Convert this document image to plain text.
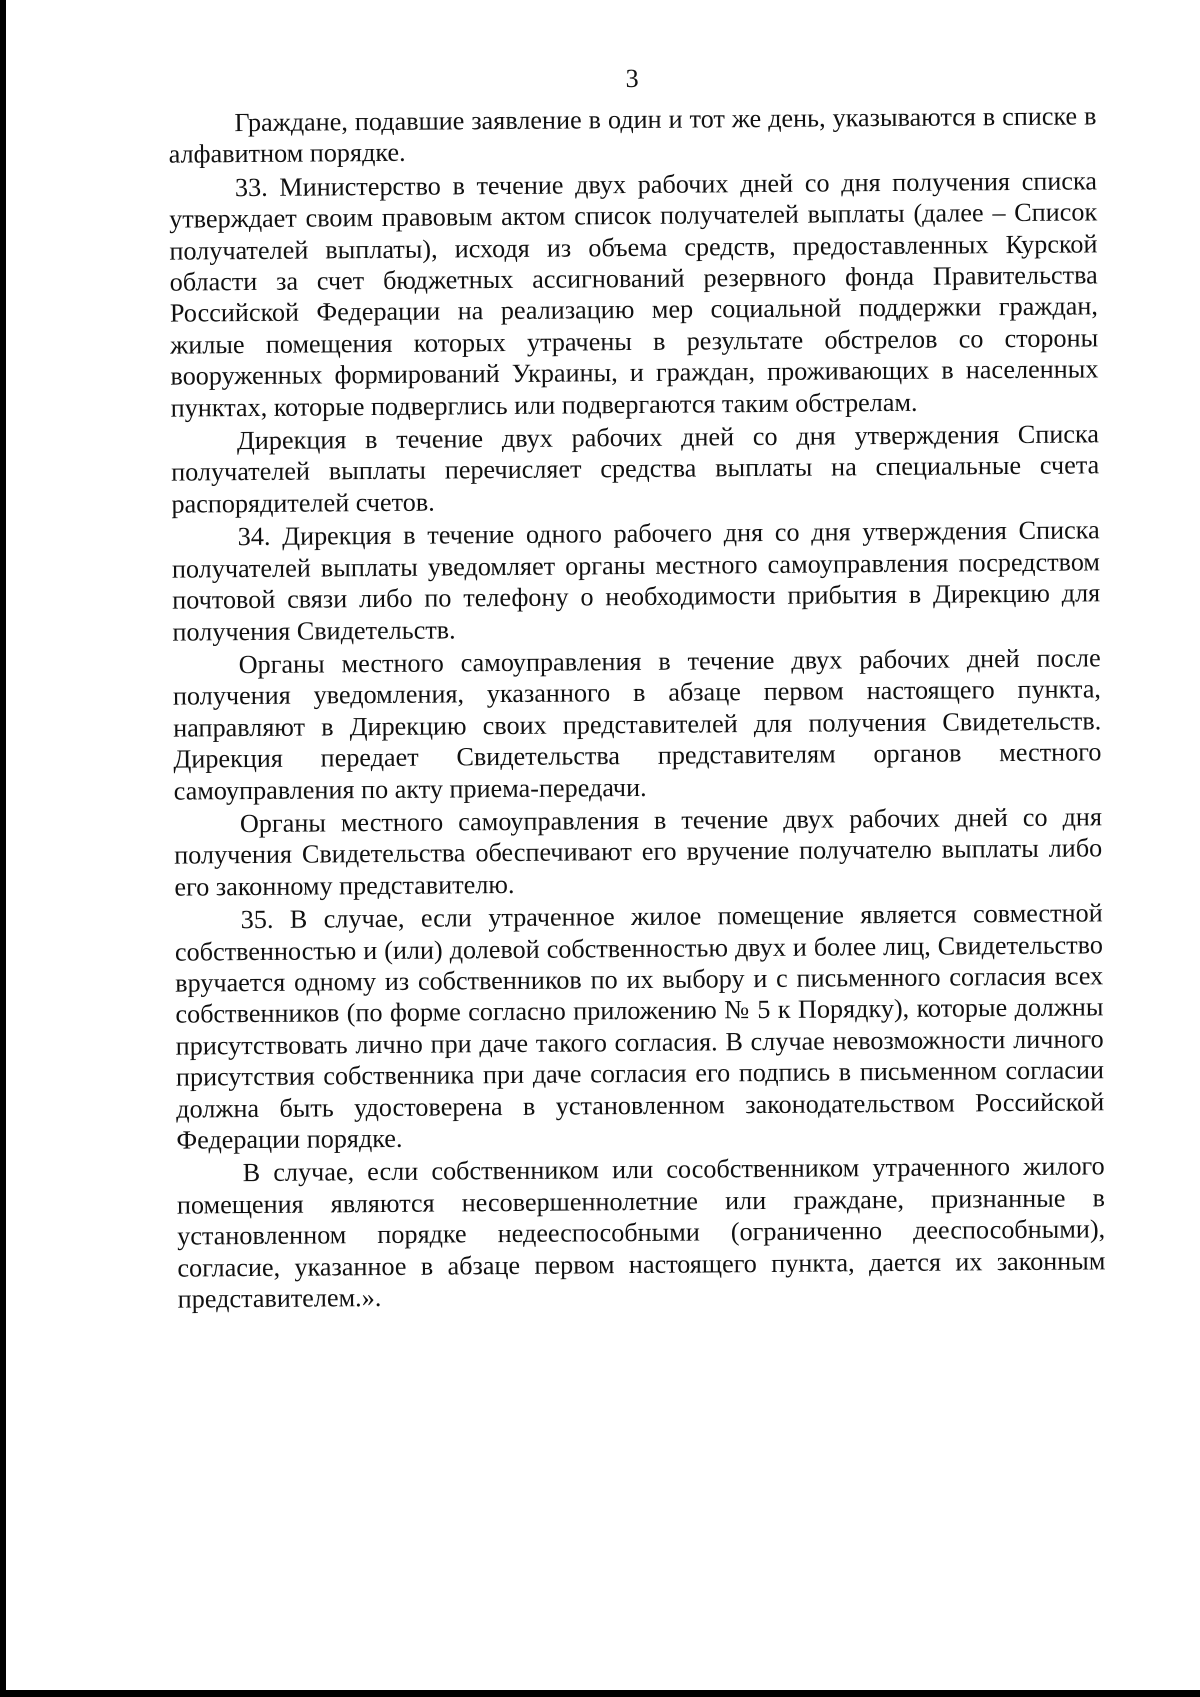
3

Граждане, подавшие заявление в один и тот же день, указываются в списке в алфавитном порядке.

33. Министерство в течение двух рабочих дней со дня получения списка утверждает своим правовым актом список получателей выплаты (далее – Список получателей выплаты), исходя из объема средств, предоставленных Курской области за счет бюджетных ассигнований резервного фонда Правительства Российской Федерации на реализацию мер социальной поддержки граждан, жилые помещения которых утрачены в результате обстрелов со стороны вооруженных формирований Украины, и граждан, проживающих в населенных пунктах, которые подверглись или подвергаются таким обстрелам.

Дирекция в течение двух рабочих дней со дня утверждения Списка получателей выплаты перечисляет средства выплаты на специальные счета распорядителей счетов.

34. Дирекция в течение одного рабочего дня со дня утверждения Списка получателей выплаты уведомляет органы местного самоуправления посредством почтовой связи либо по телефону о необходимости прибытия в Дирекцию для получения Свидетельств.

Органы местного самоуправления в течение двух рабочих дней после получения уведомления, указанного в абзаце первом настоящего пункта, направляют в Дирекцию своих представителей для получения Свидетельств. Дирекция передает Свидетельства представителям органов местного самоуправления по акту приема-передачи.

Органы местного самоуправления в течение двух рабочих дней со дня получения Свидетельства обеспечивают его вручение получателю выплаты либо его законному представителю.

35. В случае, если утраченное жилое помещение является совместной собственностью и (или) долевой собственностью двух и более лиц, Свидетельство вручается одному из собственников по их выбору и с письменного согласия всех собственников (по форме согласно приложению № 5 к Порядку), которые должны присутствовать лично при даче такого согласия. В случае невозможности личного присутствия собственника при даче согласия его подпись в письменном согласии должна быть удостоверена в установленном законодательством Российской Федерации порядке.

В случае, если собственником или сособственником утраченного жилого помещения являются несовершеннолетние или граждане, признанные в установленном порядке недееспособными (ограниченно дееспособными), согласие, указанное в абзаце первом настоящего пункта, дается их законным представителем.».
